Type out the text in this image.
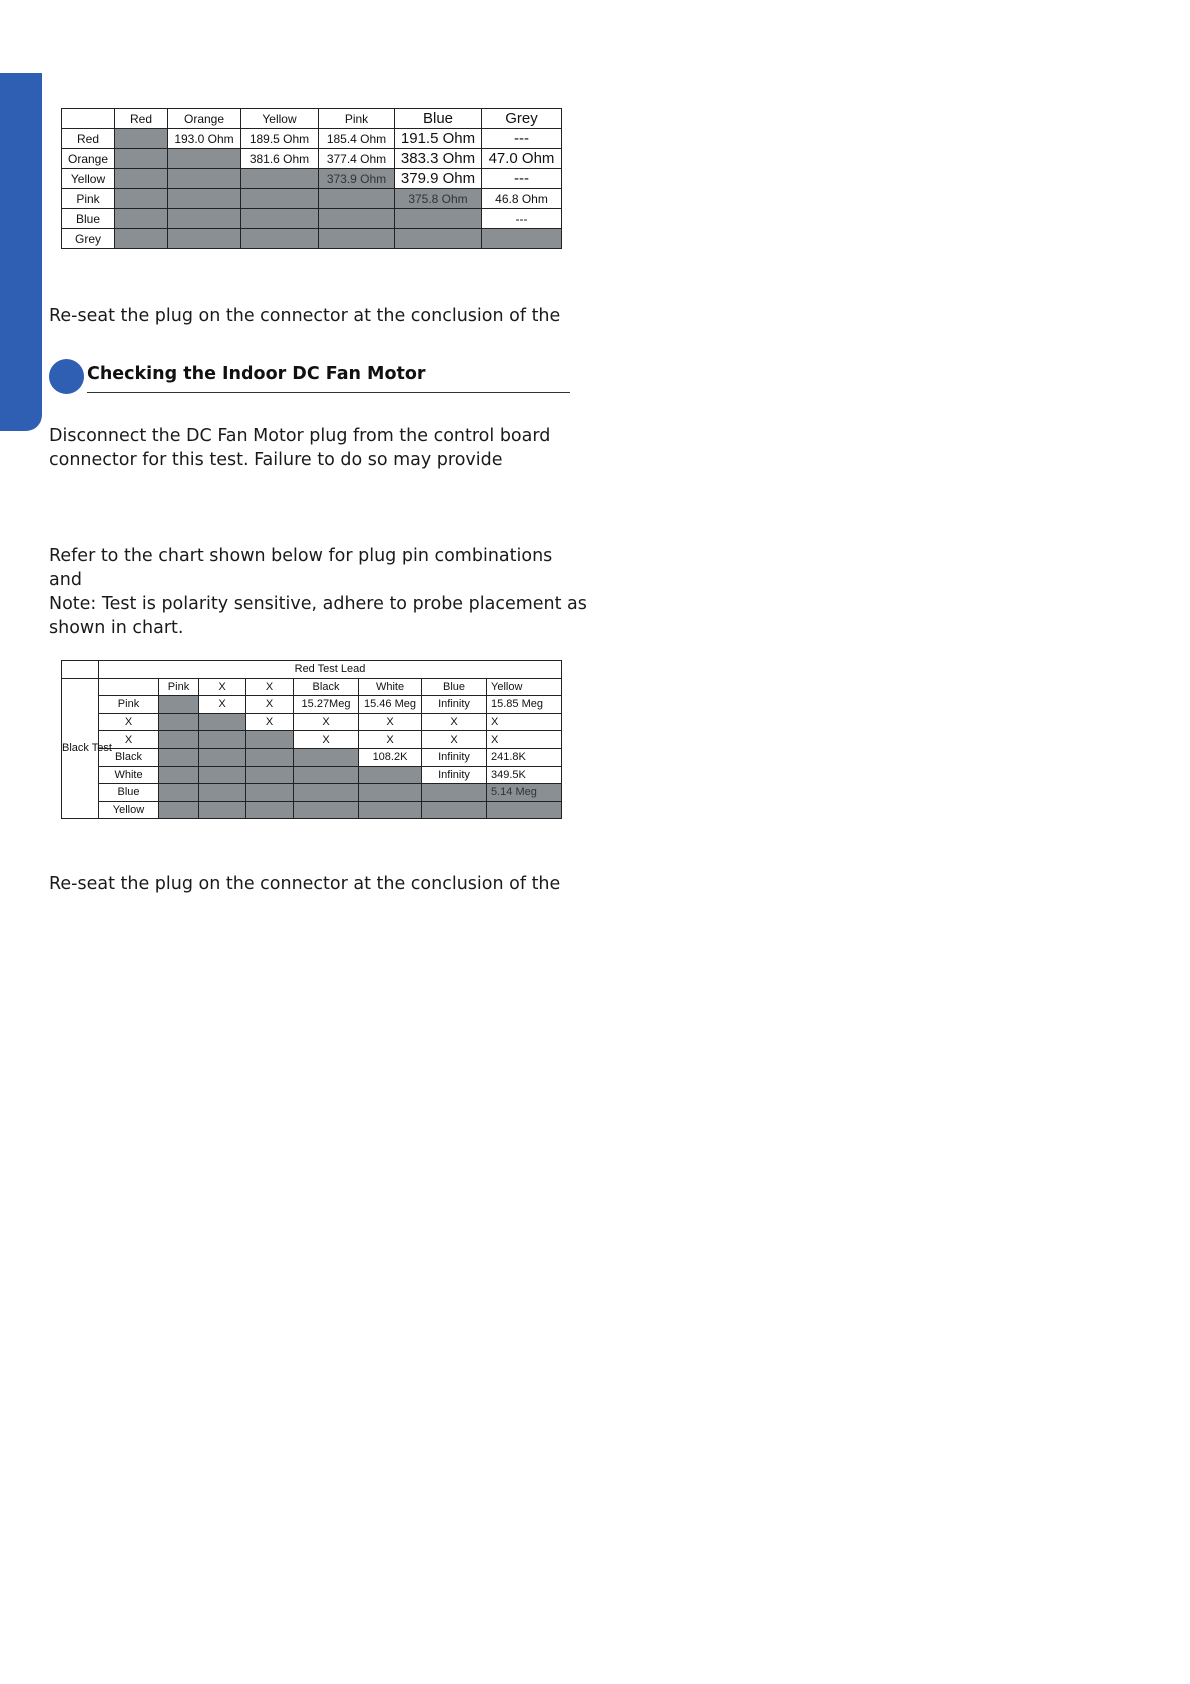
	Red	Orange	Yellow	Pink	Blue	Grey
Red		193.0 Ohm	189.5 Ohm	185.4 Ohm	191.5 Ohm	---
Orange			381.6 Ohm	377.4 Ohm	383.3 Ohm	47.0 Ohm
Yellow				373.9 Ohm	379.9 Ohm	---
Pink					375.8 Ohm	46.8 Ohm
Blue						---
Grey						

Re-seat the plug on the connector at the conclusion of the

Checking the Indoor DC Fan Motor

Disconnect the DC Fan Motor plug from the control board connector for this test. Failure to do so may provide

Refer to the chart shown below for plug pin combinations and

Note: Test is polarity sensitive, adhere to probe placement as shown in chart.

	Red Test Lead							
Black Test		Pink	X	X	Black	White	Blue	Yellow
	Pink		X	X	15.27Meg	15.46 Meg	Infinity	15.85 Meg
	X			X	X	X	X	X
	X				X	X	X	X
	Black					108.2K	Infinity	241.8K
	White						Infinity	349.5K
	Blue							5.14 Meg
	Yellow							

Re-seat the plug on the connector at the conclusion of the
